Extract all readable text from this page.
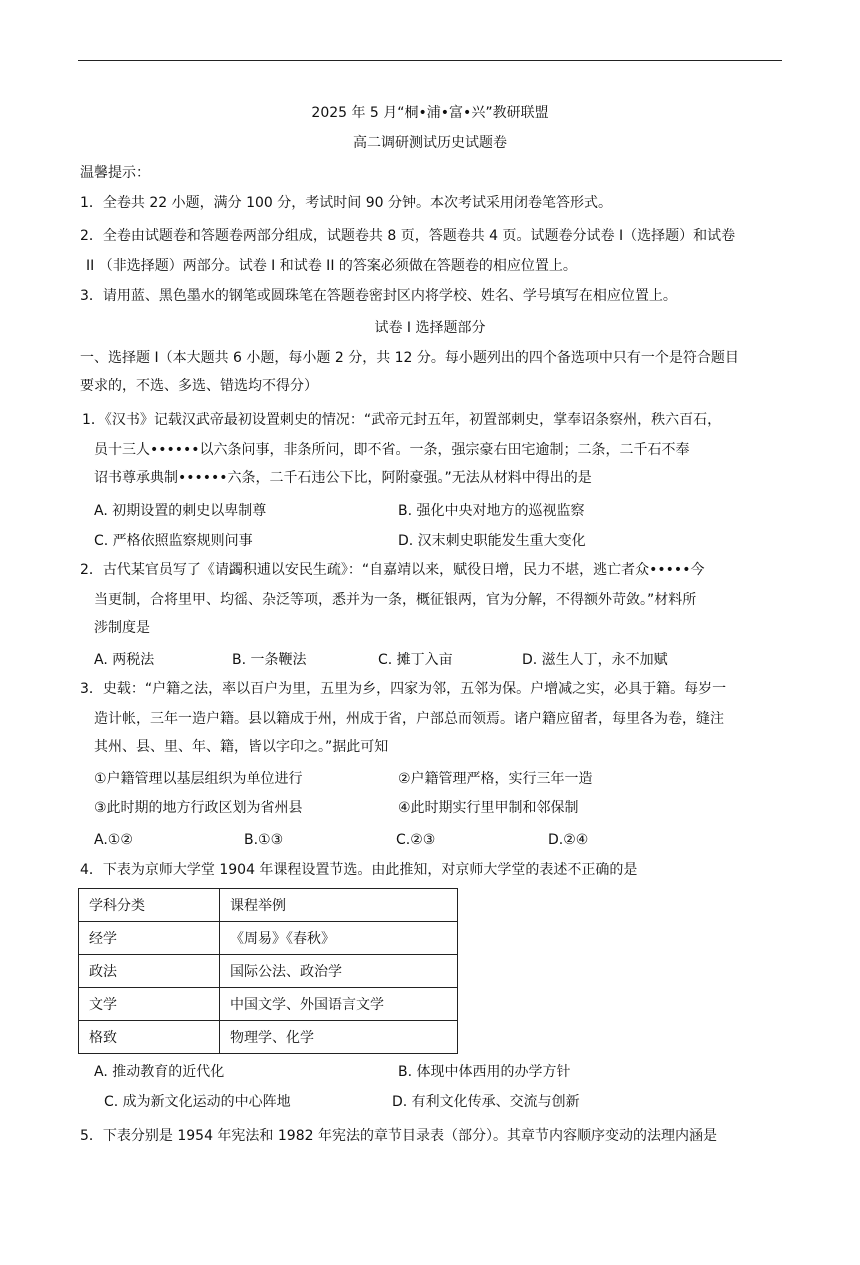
2025 年 5 月“桐•浦•富•兴”教研联盟
高二调研测试历史试题卷
温馨提示：
1．全卷共 22 小题，满分 100 分，考试时间 90 分钟。本次考试采用闭卷笔答形式。
2．全卷由试题卷和答题卷两部分组成，试题卷共 8 页，答题卷共 4 页。试题卷分试卷 I（选择题）和试卷
II （非选择题）两部分。试卷 I 和试卷 II 的答案必须做在答题卷的相应位置上。
3．请用蓝、黑色墨水的钢笔或圆珠笔在答题卷密封区内将学校、姓名、学号填写在相应位置上。
试卷 I 选择题部分
一、选择题 I（本大题共 6 小题，每小题 2 分，共 12 分。每小题列出的四个备选项中只有一个是符合题目
要求的，不选、多选、错选均不得分）
1．《汉书》记载汉武帝最初设置刺史的情况：“武帝元封五年，初置部刺史，掌奉诏条察州，秩六百石，
员十三人••••••以六条问事，非条所问，即不省。一条，强宗豪右田宅逾制；二条，二千石不奉
诏书尊承典制••••••六条，二千石违公下比，阿附豪强。”无法从材料中得出的是
A. 初期设置的刺史以卑制尊	B. 强化中央对地方的巡视监察
C. 严格依照监察规则问事	D. 汉末刺史职能发生重大变化
2．古代某官员写了《请蠲积逋以安民生疏》：“自嘉靖以来，赋役日增，民力不堪，逃亡者众•••••今
当更制，合将里甲、均徭、杂泛等项，悉并为一条，概征银两，官为分解，不得额外苛敛。”材料所
涉制度是
A. 两税法	B. 一条鞭法	C. 摊丁入亩	D. 滋生人丁，永不加赋
3．史载：“户籍之法，率以百户为里，五里为乡，四家为邻，五邻为保。户增减之实，必具于籍。每岁一
造计帐，三年一造户籍。县以籍成于州，州成于省，户部总而领焉。诸户籍应留者，每里各为卷，缝注
其州、县、里、年、籍，皆以字印之。”据此可知
①户籍管理以基层组织为单位进行	②户籍管理严格，实行三年一造
③此时期的地方行政区划为省州县	④此时期实行里甲制和邻保制
A.①②	B.①③	C.②③	D.②④
4．下表为京师大学堂 1904 年课程设置节选。由此推知，对京师大学堂的表述不正确的是
学科分类	课程举例
经学	《周易》《春秋》
政法	国际公法、政治学
文学	中国文学、外国语言文学
格致	物理学、化学
A. 推动教育的近代化	B. 体现中体西用的办学方针
C. 成为新文化运动的中心阵地	D. 有利文化传承、交流与创新
5．下表分别是 1954 年宪法和 1982 年宪法的章节目录表（部分）。其章节内容顺序变动的法理内涵是
